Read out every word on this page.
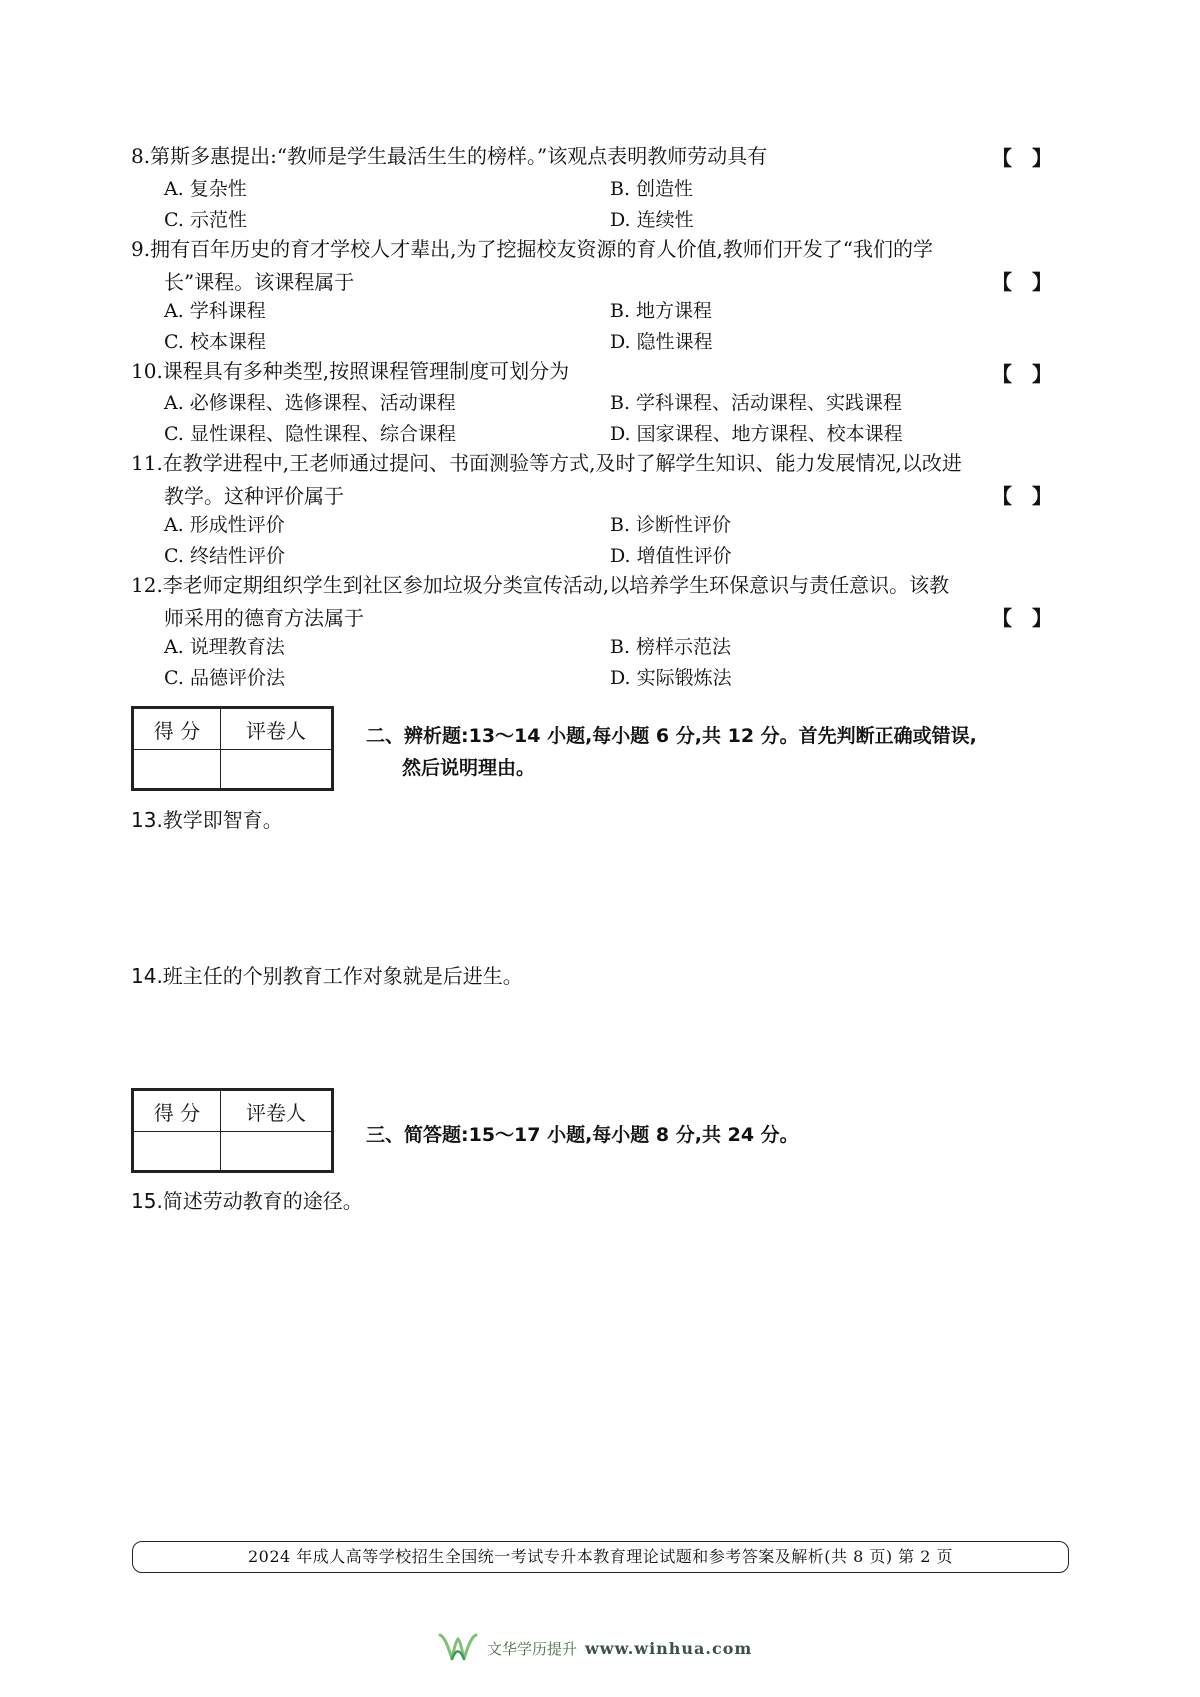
8.第斯多惠提出:“教师是学生最活生生的榜样。”该观点表明教师劳动具有	【】
A. 复杂性	B. 创造性
C. 示范性	D. 连续性
9.拥有百年历史的育才学校人才辈出,为了挖掘校友资源的育人价值,教师们开发了“我们的学
长”课程。该课程属于	【】
A. 学科课程	B. 地方课程
C. 校本课程	D. 隐性课程
10.课程具有多种类型,按照课程管理制度可划分为	【】
A. 必修课程、选修课程、活动课程	B. 学科课程、活动课程、实践课程
C. 显性课程、隐性课程、综合课程	D. 国家课程、地方课程、校本课程
11.在教学进程中,王老师通过提问、书面测验等方式,及时了解学生知识、能力发展情况,以改进
教学。这种评价属于	【】
A. 形成性评价	B. 诊断性评价
C. 终结性评价	D. 增值性评价
12.李老师定期组织学生到社区参加垃圾分类宣传活动,以培养学生环保意识与责任意识。该教
师采用的德育方法属于	【】
A. 说理教育法	B. 榜样示范法
C. 品德评价法	D. 实际锻炼法
得 分	评卷人
		二、辨析题:13～14 小题,每小题 6 分,共 12 分。首先判断正确或错误,
然后说明理由。
13.教学即智育。
14.班主任的个别教育工作对象就是后进生。
得 分	评卷人

三、简答题:15～17 小题,每小题 8 分,共 24 分。
15.简述劳动教育的途径。
2024 年成人高等学校招生全国统一考试专升本教育理论试题和参考答案及解析(共 8 页) 第 2 页
文华学历提升 www.winhua.com
